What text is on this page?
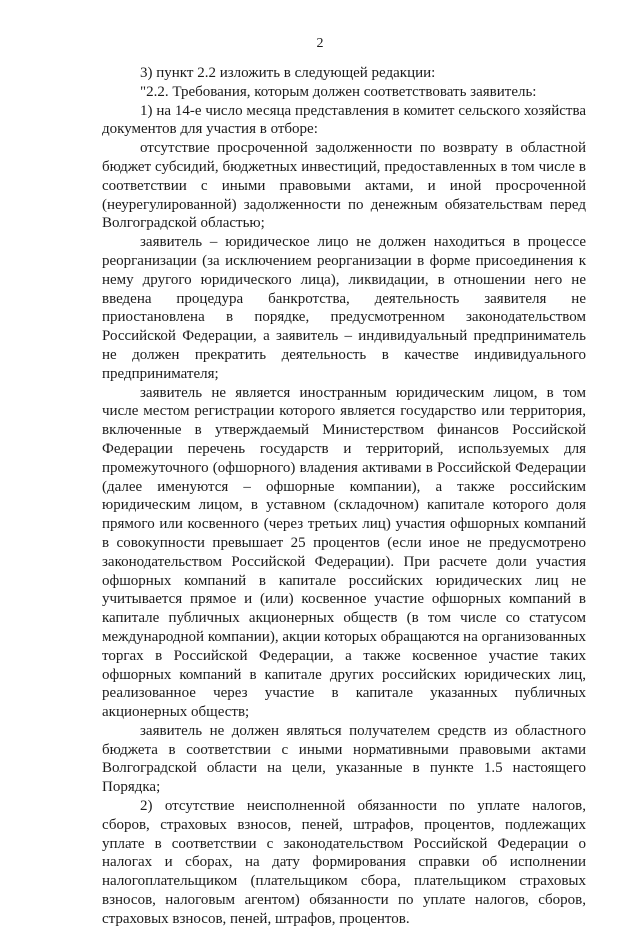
2

3) пункт 2.2 изложить в следующей редакции:

"2.2. Требования, которым должен соответствовать заявитель:

1) на 14-е число месяца представления в комитет сельского хозяйства документов для участия в отборе:

отсутствие просроченной задолженности по возврату в областной бюджет субсидий, бюджетных инвестиций, предоставленных в том числе в соответствии с иными правовыми актами, и иной просроченной (неурегулированной) задолженности по денежным обязательствам перед Волгоградской областью;

заявитель – юридическое лицо не должен находиться в процессе реорганизации (за исключением реорганизации в форме присоединения к нему другого юридического лица), ликвидации, в отношении него не введена процедура банкротства, деятельность заявителя не приостановлена в порядке, предусмотренном законодательством Российской Федерации, а заявитель – индивидуальный предприниматель не должен прекратить деятельность в качестве индивидуального предпринимателя;

заявитель не является иностранным юридическим лицом, в том числе местом регистрации которого является государство или территория, включенные в утверждаемый Министерством финансов Российской Федерации перечень государств и территорий, используемых для промежуточного (офшорного) владения активами в Российской Федерации (далее именуются – офшорные компании), а также российским юридическим лицом, в уставном (складочном) капитале которого доля прямого или косвенного (через третьих лиц) участия офшорных компаний в совокупности превышает 25 процентов (если иное не предусмотрено законодательством Российской Федерации). При расчете доли участия офшорных компаний в капитале российских юридических лиц не учитывается прямое и (или) косвенное участие офшорных компаний в капитале публичных акционерных обществ (в том числе со статусом международной компании), акции которых обращаются на организованных торгах в Российской Федерации, а также косвенное участие таких офшорных компаний в капитале других российских юридических лиц, реализованное через участие в капитале указанных публичных акционерных обществ;

заявитель не должен являться получателем средств из областного бюджета в соответствии с иными нормативными правовыми актами Волгоградской области на цели, указанные в пункте 1.5 настоящего Порядка;

2) отсутствие неисполненной обязанности по уплате налогов, сборов, страховых взносов, пеней, штрафов, процентов, подлежащих уплате в соответствии с законодательством Российской Федерации о налогах и сборах, на дату формирования справки об исполнении налогоплательщиком (плательщиком сбора, плательщиком страховых взносов, налоговым агентом) обязанности по уплате налогов, сборов, страховых взносов, пеней, штрафов, процентов.
